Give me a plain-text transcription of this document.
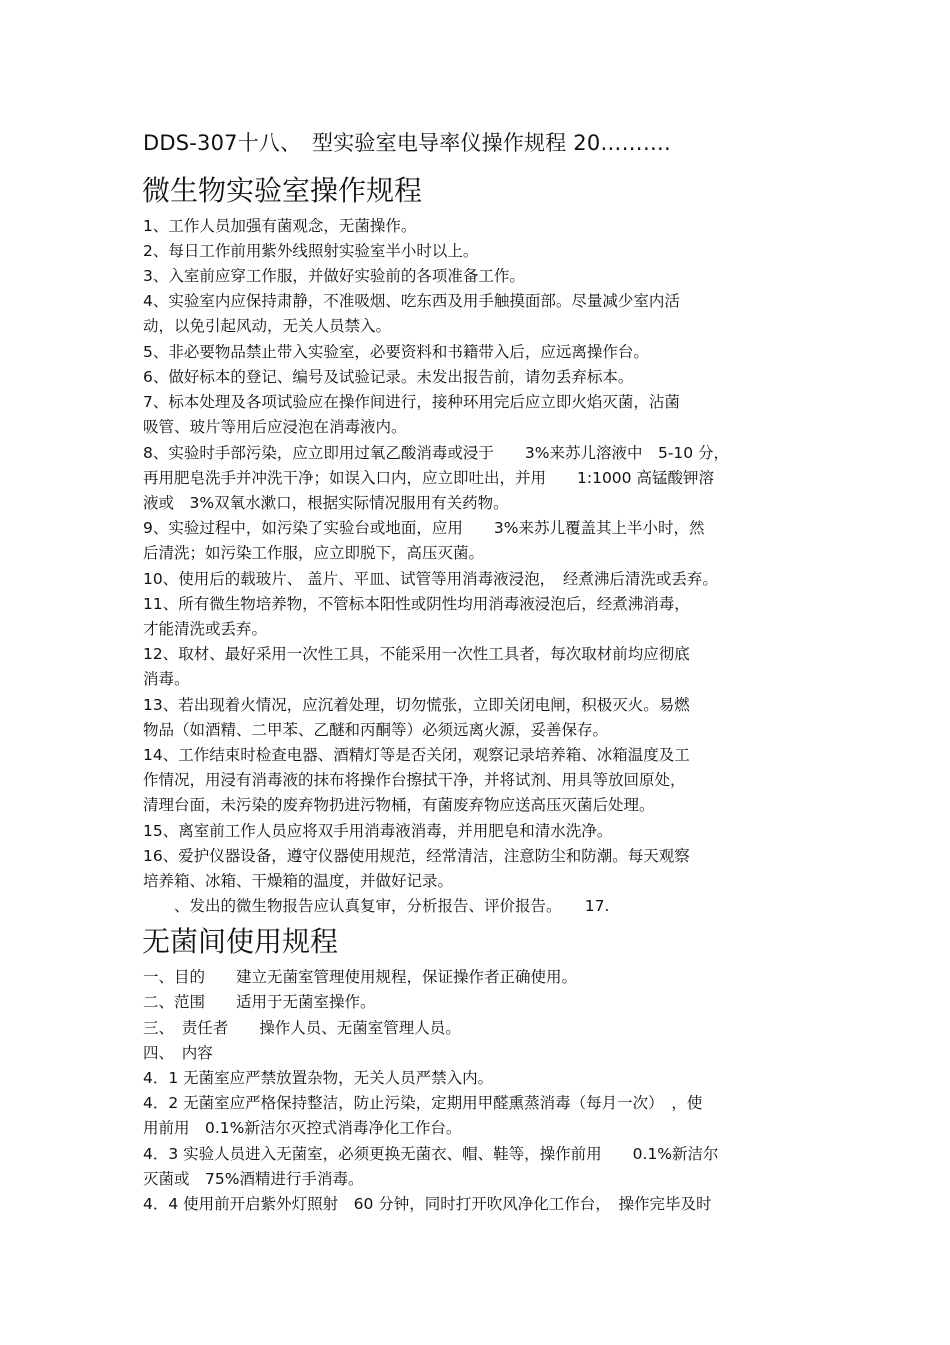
DDS-307十八、　型实验室电导率仪操作规程 20……….
微生物实验室操作规程
1、工作人员加强有菌观念，无菌操作。
2、每日工作前用紫外线照射实验室半小时以上。
3、入室前应穿工作服，并做好实验前的各项准备工作。
4、实验室内应保持肃静，不准吸烟、吃东西及用手触摸面部。尽量减少室内活
动，以免引起风动，无关人员禁入。
5、非必要物品禁止带入实验室，必要资料和书籍带入后，应远离操作台。
6、做好标本的登记、编号及试验记录。未发出报告前，请勿丢弃标本。
7、标本处理及各项试验应在操作间进行，接种环用完后应立即火焰灭菌，沾菌
吸管、玻片等用后应浸泡在消毒液内。
8、实验时手部污染，应立即用过氧乙酸消毒或浸于　　3%来苏儿溶液中　5-10 分，
再用肥皂洗手并冲洗干净；如误入口内，应立即吐出，并用　　1:1000 高锰酸钾溶
液或　3%双氧水漱口，根据实际情况服用有关药物。
9、实验过程中，如污染了实验台或地面，应用　　3%来苏儿覆盖其上半小时，然
后清洗；如污染工作服，应立即脱下，高压灭菌。
10、使用后的载玻片、 盖片、平皿、试管等用消毒液浸泡，　经煮沸后清洗或丢弃。
11、所有微生物培养物，不管标本阳性或阴性均用消毒液浸泡后，经煮沸消毒，
才能清洗或丢弃。
12、取材、最好采用一次性工具，不能采用一次性工具者，每次取材前均应彻底
消毒。
13、若出现着火情况，应沉着处理，切勿慌张，立即关闭电闸，积极灭火。易燃
物品（如酒精、二甲苯、乙醚和丙酮等）必须远离火源，妥善保存。
14、工作结束时检查电器、酒精灯等是否关闭，观察记录培养箱、冰箱温度及工
作情况，用浸有消毒液的抹布将操作台擦拭干净，并将试剂、用具等放回原处，
清理台面，未污染的废弃物扔进污物桶，有菌废弃物应送高压灭菌后处理。
15、离室前工作人员应将双手用消毒液消毒，并用肥皂和清水洗净。
16、爱护仪器设备，遵守仪器使用规范，经常清洁，注意防尘和防潮。每天观察
培养箱、冰箱、干燥箱的温度，并做好记录。
　　、发出的微生物报告应认真复审，分析报告、评价报告。　　17.
无菌间使用规程
一、目的　　建立无菌室管理使用规程，保证操作者正确使用。
二、范围　　适用于无菌室操作。
三、　责任者　　操作人员、无菌室管理人员。
四、　内容
4．1 无菌室应严禁放置杂物，无关人员严禁入内。
4．2 无菌室应严格保持整洁，防止污染，定期用甲醛熏蒸消毒（每月一次）　，使
用前用　0.1%新洁尔灭控式消毒净化工作台。
4．3 实验人员进入无菌室，必须更换无菌衣、帽、鞋等，操作前用　　0.1%新洁尔
灭菌或　75%酒精进行手消毒。
4．4 使用前开启紫外灯照射　60 分钟，同时打开吹风净化工作台，　操作完毕及时
